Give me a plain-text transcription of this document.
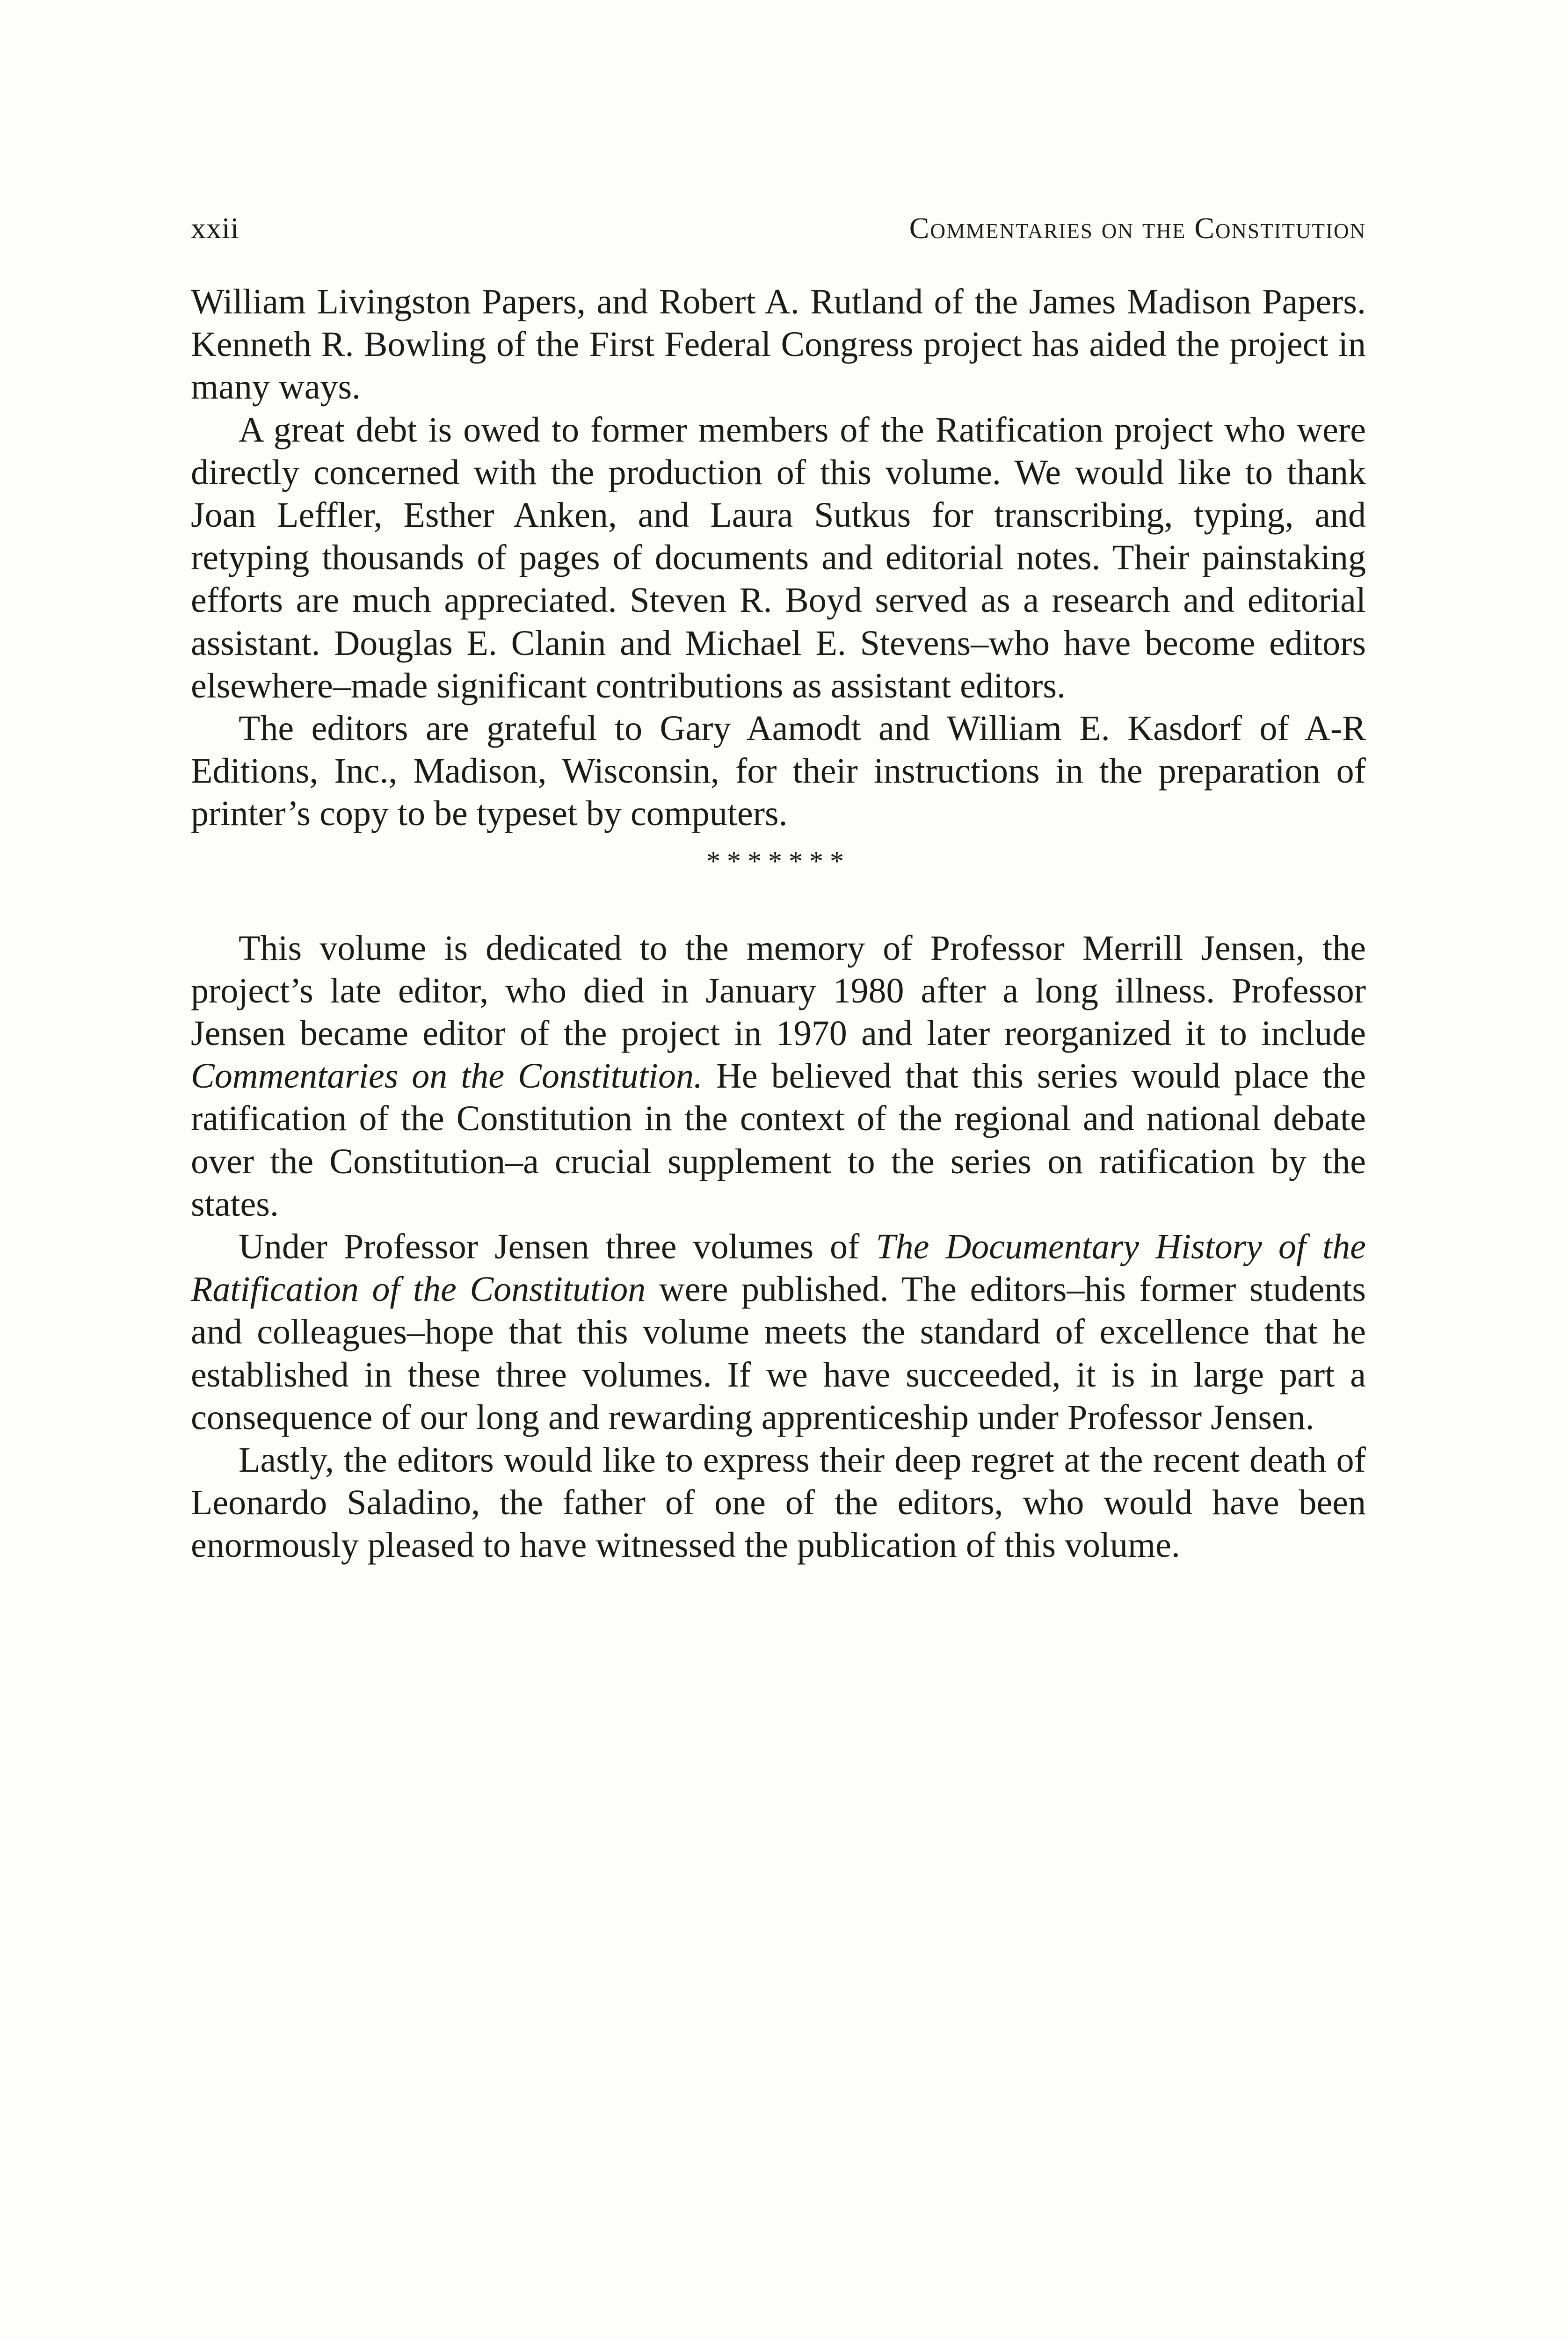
xxii	Commentaries on the Constitution

William Livingston Papers, and Robert A. Rutland of the James Madison Papers. Kenneth R. Bowling of the First Federal Congress project has aided the project in many ways.

A great debt is owed to former members of the Ratification project who were directly concerned with the production of this volume. We would like to thank Joan Leffler, Esther Anken, and Laura Sutkus for transcribing, typing, and retyping thousands of pages of documents and editorial notes. Their painstaking efforts are much appreciated. Steven R. Boyd served as a research and editorial assistant. Douglas E. Clanin and Michael E. Stevens–who have become editors elsewhere–made significant contributions as assistant editors.

The editors are grateful to Gary Aamodt and William E. Kasdorf of A-R Editions, Inc., Madison, Wisconsin, for their instructions in the preparation of printer’s copy to be typeset by computers.

*******

This volume is dedicated to the memory of Professor Merrill Jensen, the project’s late editor, who died in January 1980 after a long illness. Professor Jensen became editor of the project in 1970 and later reorganized it to include Commentaries on the Constitution. He believed that this series would place the ratification of the Constitution in the context of the regional and national debate over the Constitution–a crucial supplement to the series on ratification by the states.

Under Professor Jensen three volumes of The Documentary History of the Ratification of the Constitution were published. The editors–his former students and colleagues–hope that this volume meets the standard of excellence that he established in these three volumes. If we have succeeded, it is in large part a consequence of our long and rewarding apprenticeship under Professor Jensen.

Lastly, the editors would like to express their deep regret at the recent death of Leonardo Saladino, the father of one of the editors, who would have been enormously pleased to have witnessed the publication of this volume.
